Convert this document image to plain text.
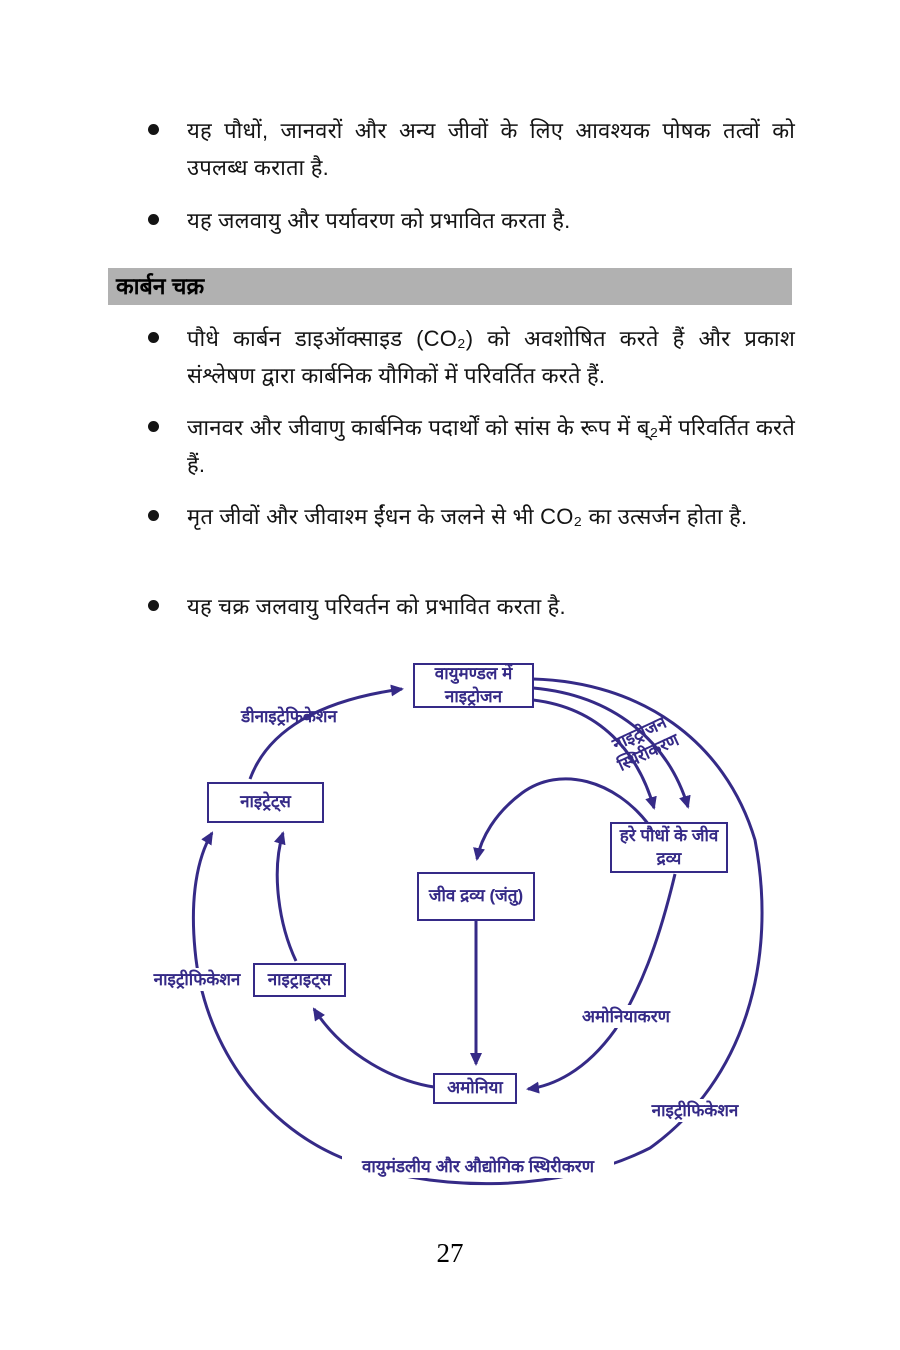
यह पौधों, जानवरों और अन्य जीवों के लिए आवश्यक पोषक तत्वों को उपलब्ध कराता है.
यह जलवायु और पर्यावरण को प्रभावित करता है.
कार्बन चक्र
पौधे कार्बन डाइऑक्साइड (CO₂) को अवशोषित करते हैं और प्रकाश संश्लेषण द्वारा कार्बनिक यौगिकों में परिवर्तित करते हैं.
जानवर और जीवाणु कार्बनिक पदार्थों को सांस के रूप में ब्₂में परिवर्तित करते हैं.
मृत जीवों और जीवाश्म ईंधन के जलने से भी CO₂ का उत्सर्जन होता है.
यह चक्र जलवायु परिवर्तन को प्रभावित करता है.
वायुमण्डल में नाइट्रोजन
नाइट्रेट्स
हरे पौधों के जीव द्रव्य
जीव द्रव्य (जंतु)
नाइट्राइट्स
अमोनिया
डीनाइट्रेफिकेशन	नाइट्रोजन स्थिरीकरण
नाइट्रीफिकेशन
अमोनियाकरण
नाइट्रीफिकेशन
वायुमंडलीय और औद्योगिक स्थिरीकरण
27
